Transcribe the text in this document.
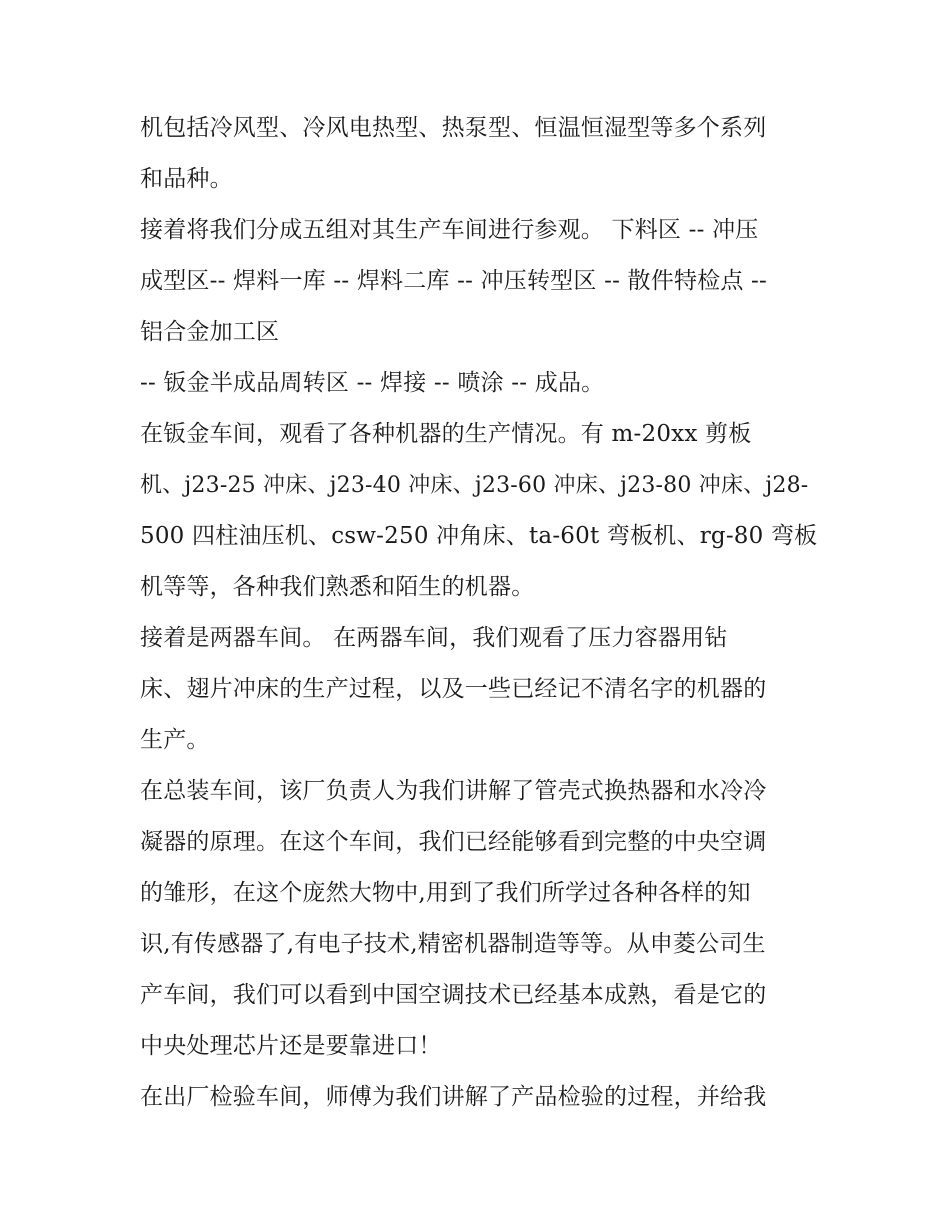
机包括冷风型、冷风电热型、热泵型、恒温恒湿型等多个系列
和品种。
接着将我们分成五组对其生产车间进行参观。 下料区 -- 冲压
成型区-- 焊料一库 -- 焊料二库 -- 冲压转型区 -- 散件特检点 --
铝合金加工区
-- 钣金半成品周转区 -- 焊接 -- 喷涂 -- 成品。
在钣金车间，观看了各种机器的生产情况。有 m-20xx 剪板
机、j23-25 冲床、j23-40 冲床、j23-60 冲床、j23-80 冲床、j28-
500 四柱油压机、csw-250 冲角床、ta-60t 弯板机、rg-80 弯板
机等等，各种我们熟悉和陌生的机器。
接着是两器车间。 在两器车间，我们观看了压力容器用钻
床、翅片冲床的生产过程，以及一些已经记不清名字的机器的
生产。
在总装车间，该厂负责人为我们讲解了管壳式换热器和水冷冷
凝器的原理。在这个车间，我们已经能够看到完整的中央空调
的雏形，在这个庞然大物中,用到了我们所学过各种各样的知
识,有传感器了,有电子技术,精密机器制造等等。从申菱公司生
产车间，我们可以看到中国空调技术已经基本成熟，看是它的
中央处理芯片还是要靠进口！
在出厂检验车间，师傅为我们讲解了产品检验的过程，并给我
